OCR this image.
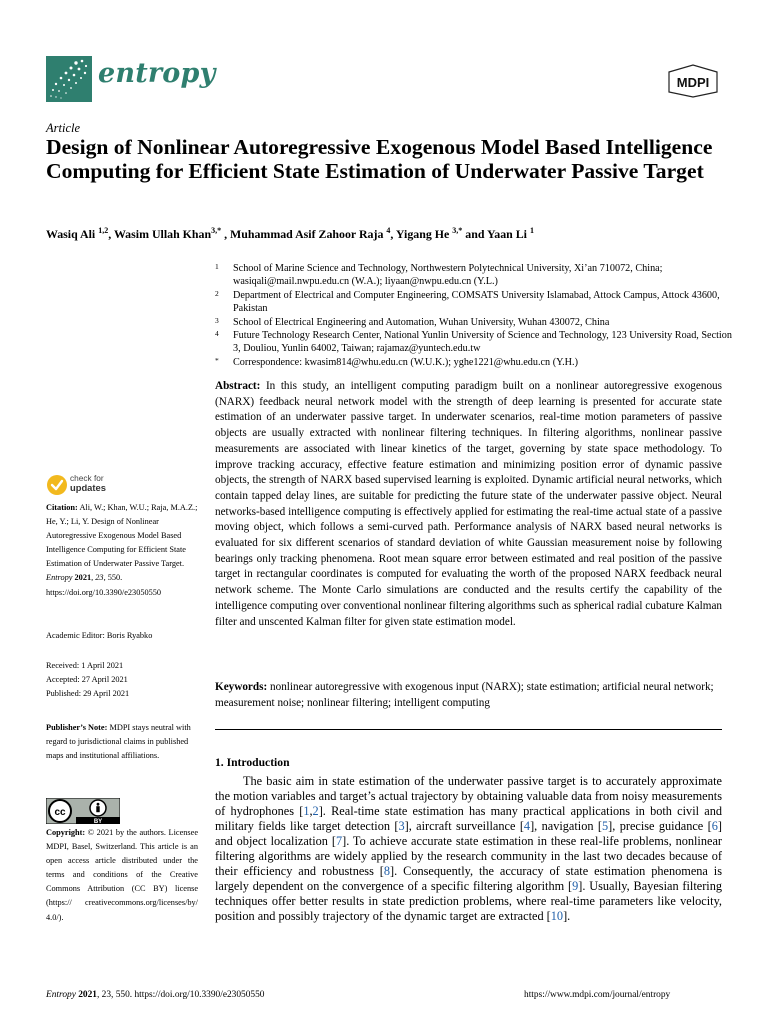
entropy	MDPI
Article
Design of Nonlinear Autoregressive Exogenous Model Based Intelligence Computing for Efficient State Estimation of Underwater Passive Target
Wasiq Ali $^{1,2}$, Wasim Ullah Khan$^{3,*}$ , Muhammad Asif Zahoor Raja $^4$, Yigang He $^{3,*}$ and Yaan Li $^1$
1	School of Marine Science and Technology, Northwestern Polytechnical University, Xi’an 710072, China; wasiqali@mail.nwpu.edu.cn (W.A.); liyaan@nwpu.edu.cn (Y.L.)
2	Department of Electrical and Computer Engineering, COMSATS University Islamabad, Attock Campus, Attock 43600, Pakistan
3	School of Electrical Engineering and Automation, Wuhan University, Wuhan 430072, China
4	Future Technology Research Center, National Yunlin University of Science and Technology, 123 University Road, Section 3, Douliou, Yunlin 64002, Taiwan; rajamaz@yuntech.edu.tw
*	Correspondence: kwasim814@whu.edu.cn (W.U.K.); yghe1221@whu.edu.cn (Y.H.)
Abstract: In this study, an intelligent computing paradigm built on a nonlinear autoregressive exogenous (NARX) feedback neural network model with the strength of deep learning is presented for accurate state estimation of an underwater passive target. In underwater scenarios, real-time motion parameters of passive objects are usually extracted with nonlinear filtering techniques. In filtering algorithms, nonlinear passive measurements are associated with linear kinetics of the target, governing by state space methodology. To improve tracking accuracy, effective feature estimation and minimizing position error of dynamic passive objects, the strength of NARX based supervised learning is exploited. Dynamic artificial neural networks, which contain tapped delay lines, are suitable for predicting the future state of the underwater passive object. Neural networks-based intelligence computing is effectively applied for estimating the real-time actual state of a passive moving object, which follows a semi-curved path. Performance analysis of NARX based neural networks is evaluated for six different scenarios of standard deviation of white Gaussian measurement noise by following bearings only tracking phenomena. Root mean square error between estimated and real position of the passive target in rectangular coordinates is computed for evaluating the worth of the proposed NARX feedback neural network scheme. The Monte Carlo simulations are conducted and the results certify the capability of the intelligence computing over conventional nonlinear filtering algorithms such as spherical radial cubature Kalman filter and unscented Kalman filter for given state estimation model.
Keywords: nonlinear autoregressive with exogenous input (NARX); state estimation; artificial neural network; measurement noise; nonlinear filtering; intelligent computing
1. Introduction
The basic aim in state estimation of the underwater passive target is to accurately approximate the motion variables and target’s actual trajectory by obtaining valuable data from noisy measurements of hydrophones [1,2]. Real-time state estimation has many practical applications in both civil and military fields like target detection [3], aircraft surveillance [4], navigation [5], precise guidance [6] and object localization [7]. To achieve accurate state estimation in these real-life problems, nonlinear filtering algorithms are widely applied by the research community in the last two decades because of their efficiency and robustness [8]. Consequently, the accuracy of state estimation phenomena is largely dependent on the convergence of a specific filtering algorithm [9]. Usually, Bayesian filtering techniques offer better results in state prediction problems, where real-time parameters like velocity, position and possibly trajectory of the dynamic target are extracted [10].
check for
updates
Citation: Ali, W.; Khan, W.U.; Raja, M.A.Z.; He, Y.; Li, Y. Design of Nonlinear Autoregressive Exogenous Model Based Intelligence Computing for Efficient State Estimation of Underwater Passive Target. Entropy 2021, 23, 550. https://doi.org/10.3390/e23050550
Academic Editor: Boris Ryabko
Received: 1 April 2021
Accepted: 27 April 2021
Published: 29 April 2021
Publisher’s Note: MDPI stays neutral with regard to jurisdictional claims in published maps and institutional affiliations.
cc
BY
Copyright: © 2021 by the authors. Licensee MDPI, Basel, Switzerland. This article is an open access article distributed under the terms and conditions of the Creative Commons Attribution (CC BY) license (https:// creativecommons.org/licenses/by/ 4.0/).
Entropy 2021, 23, 550. https://doi.org/10.3390/e23050550	https://www.mdpi.com/journal/entropy
